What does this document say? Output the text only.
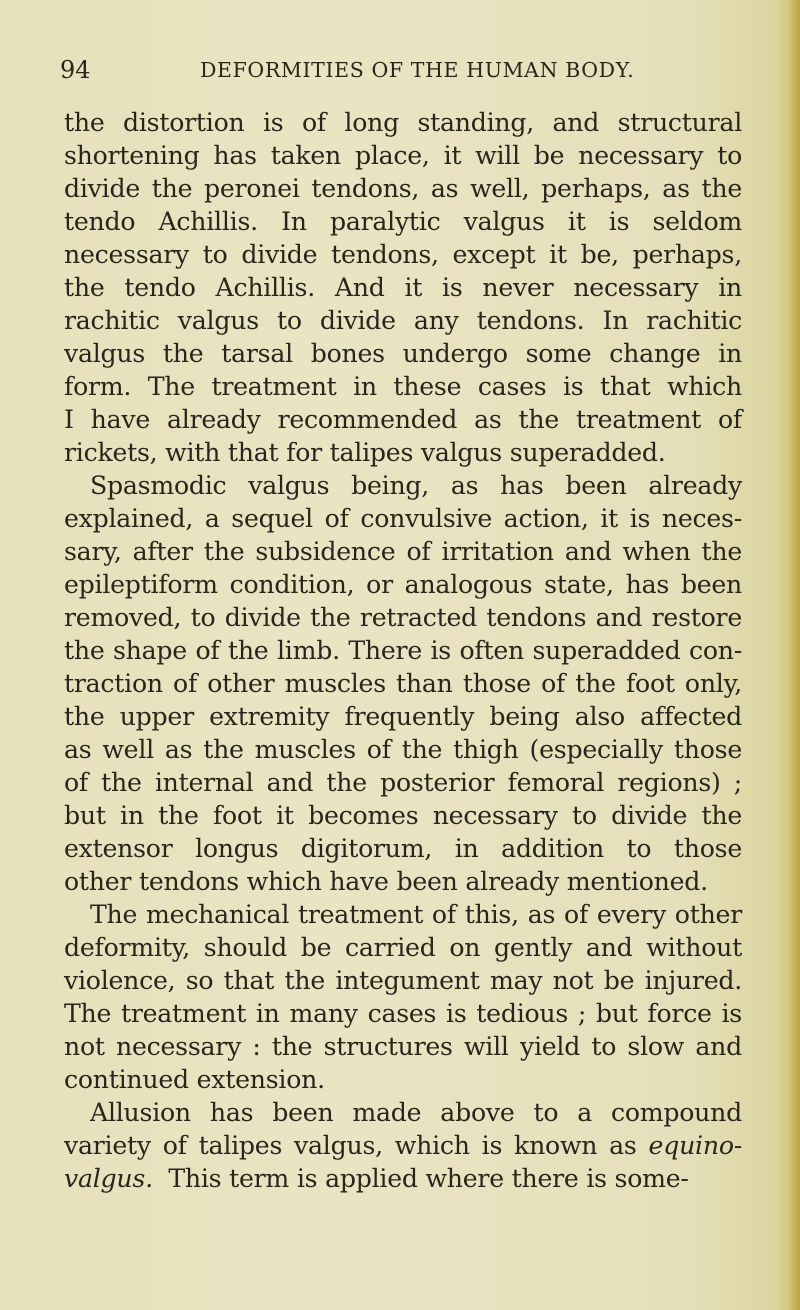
94	DEFORMITIES OF THE HUMAN BODY.
the distortion is of long standing, and structural
shortening has taken place, it will be necessary to
divide the peronei tendons, as well, perhaps, as the
tendo Achillis. In paralytic valgus it is seldom
necessary to divide tendons, except it be, perhaps,
the tendo Achillis. And it is never necessary in
rachitic valgus to divide any tendons. In rachitic
valgus the tarsal bones undergo some change in
form. The treatment in these cases is that which
I have already recommended as the treatment of
rickets, with that for talipes valgus superadded.
Spasmodic valgus being, as has been already
explained, a sequel of convulsive action, it is neces-
sary, after the subsidence of irritation and when the
epileptiform condition, or analogous state, has been
removed, to divide the retracted tendons and restore
the shape of the limb. There is often superadded con-
traction of other muscles than those of the foot only,
the upper extremity frequently being also affected
as well as the muscles of the thigh (especially those
of the internal and the posterior femoral regions) ;
but in the foot it becomes necessary to divide the
extensor longus digitorum, in addition to those
other tendons which have been already mentioned.
The mechanical treatment of this, as of every other
deformity, should be carried on gently and without
violence, so that the integument may not be injured.
The treatment in many cases is tedious ; but force is
not necessary : the structures will yield to slow and
continued extension.
Allusion has been made above to a compound
variety of talipes valgus, which is known as equino-
valgus. This term is applied where there is some-
